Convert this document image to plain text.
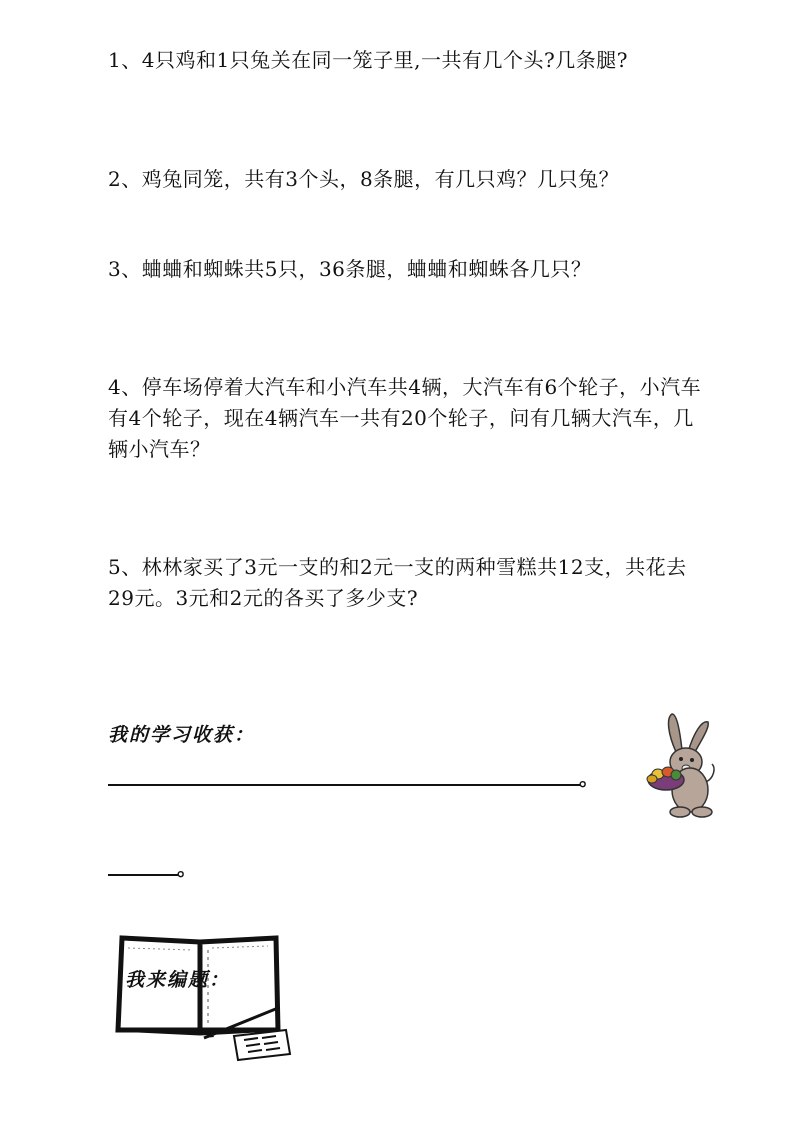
1、4只鸡和1只兔关在同一笼子里,一共有几个头?几条腿?

2、鸡兔同笼，共有3个头，8条腿，有几只鸡？几只兔？

3、蛐蛐和蜘蛛共5只，36条腿，蛐蛐和蜘蛛各几只？

4、停车场停着大汽车和小汽车共4辆，大汽车有6个轮子，小汽车有4个轮子，现在4辆汽车一共有20个轮子，问有几辆大汽车，几辆小汽车？

5、林林家买了3元一支的和2元一支的两种雪糕共12支，共花去29元。3元和2元的各买了多少支?

我的学习收获：
。
。
我来编题：
